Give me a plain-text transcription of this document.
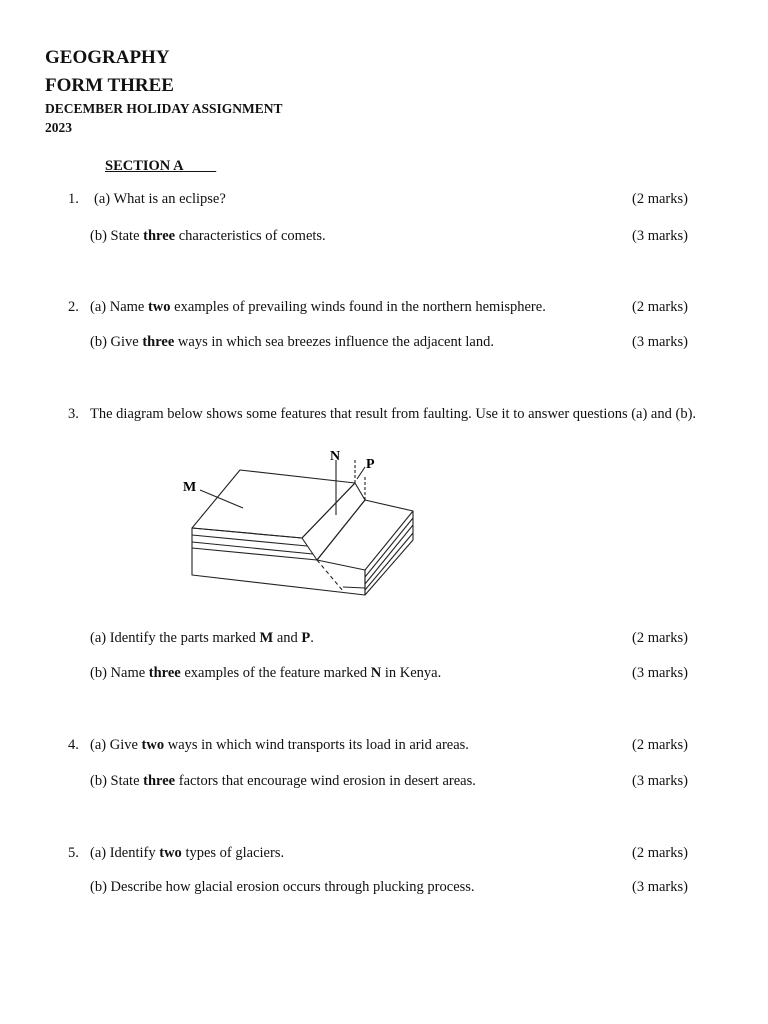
GEOGRAPHY
FORM THREE
DECEMBER HOLIDAY ASSIGNMENT
2023
SECTION A
1. (a) What is an eclipse?	(2 marks)
(b) State three characteristics of comets.	(3 marks)
2. (a) Name two examples of prevailing winds found in the northern hemisphere.	(2 marks)
(b) Give three ways in which sea breezes influence the adjacent land.	(3 marks)
3. The diagram below shows some features that result from faulting. Use it to answer questions (a) and (b).
M
N
P
(a) Identify the parts marked M and P.	(2 marks)
(b) Name three examples of the feature marked N in Kenya.	(3 marks)
4. (a) Give two ways in which wind transports its load in arid areas.	(2 marks)
(b) State three factors that encourage wind erosion in desert areas.	(3 marks)
5. (a) Identify two types of glaciers.	(2 marks)
(b) Describe how glacial erosion occurs through plucking process.	(3 marks)
